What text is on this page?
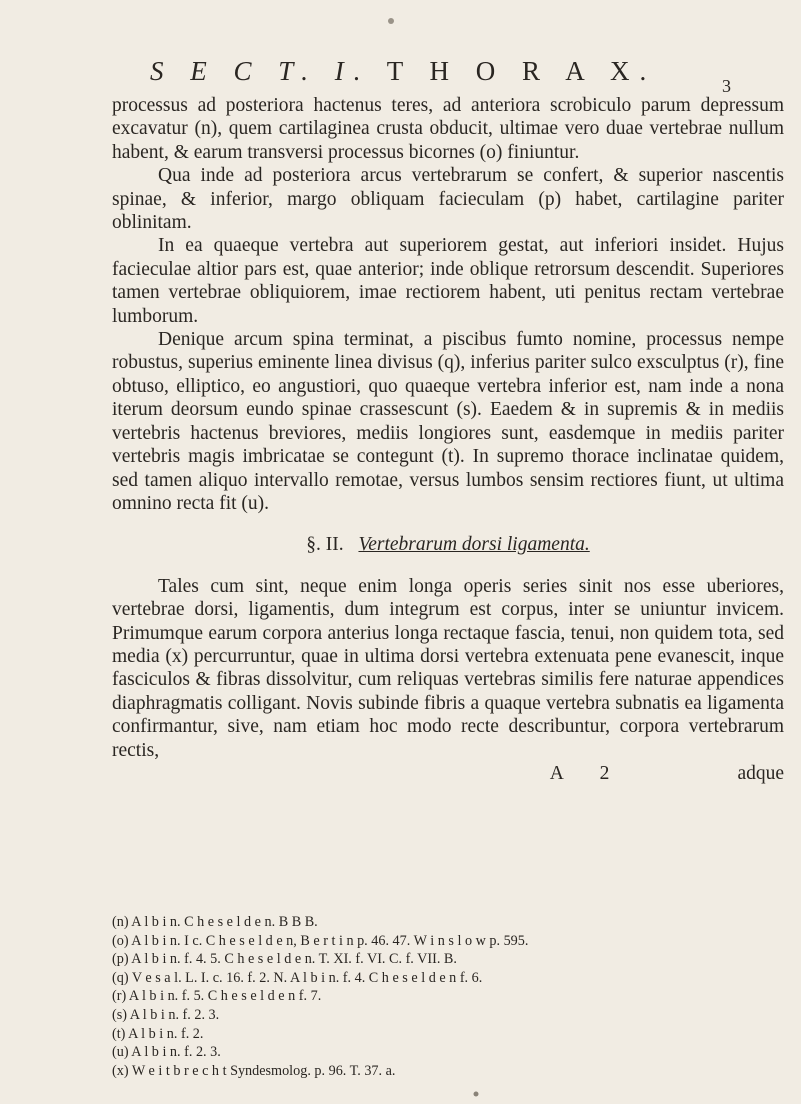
S E C T. I. T H O R A X.	3

processus ad posteriora hactenus teres, ad anteriora scrobiculo parum depressum excavatur (n), quem cartilaginea crusta obducit, ultimae vero duae vertebrae nullum habent, & earum transversi processus bicornes (o) finiuntur.

Qua inde ad posteriora arcus vertebrarum se confert, & superior nascentis spinae, & inferior, margo obliquam facieculam (p) habet, cartilagine pariter oblinitam.

In ea quaeque vertebra aut superiorem gestat, aut inferiori insidet. Hujus facieculae altior pars est, quae anterior; inde oblique retrorsum descendit. Superiores tamen vertebrae obliquiorem, imae rectiorem habent, uti penitus rectam vertebrae lumborum.

Denique arcum spina terminat, a piscibus fumto nomine, processus nempe robustus, superius eminente linea divisus (q), inferius pariter sulco exsculptus (r), fine obtuso, elliptico, eo angustiori, quo quaeque vertebra inferior est, nam inde a nona iterum deorsum eundo spinae crassescunt (s). Eaedem & in supremis & in mediis vertebris hactenus breviores, mediis longiores sunt, easdemque in mediis pariter vertebris magis imbricatae se contegunt (t). In supremo thorace inclinatae quidem, sed tamen aliquo intervallo remotae, versus lumbos sensim rectiores fiunt, ut ultima omnino recta fit (u).

§. II. Vertebrarum dorsi ligamenta.

Tales cum sint, neque enim longa operis series sinit nos esse uberiores, vertebrae dorsi, ligamentis, dum integrum est corpus, inter se uniuntur invicem. Primumque earum corpora anterius longa rectaque fascia, tenui, non quidem tota, sed media (x) percurruntur, quae in ultima dorsi vertebra extenuata pene evanescit, inque fasciculos & fibras dissolvitur, cum reliquas vertebras similis fere naturae appendices diaphragmatis colligant. Novis subinde fibris a quaque vertebra subnatis ea ligamenta confirmantur, sive, nam etiam hoc modo recte describuntur, corpora vertebrarum rectis,

A 2	adque

(n) A l b i n. C h e s e l d e n. B B B.
(o) A l b i n. I c. C h e s e l d e n, B e r t i n p. 46. 47. W i n s l o w p. 595.
(p) A l b i n. f. 4. 5. C h e s e l d e n. T. XI. f. VI. C. f. VII. B.
(q) V e s a l. L. I. c. 16. f. 2. N. A l b i n. f. 4. C h e s e l d e n f. 6.
(r) A l b i n. f. 5. C h e s e l d e n f. 7.
(s) A l b i n. f. 2. 3.
(t) A l b i n. f. 2.
(u) A l b i n. f. 2. 3.
(x) W e i t b r e c h t Syndesmolog. p. 96. T. 37. a.
